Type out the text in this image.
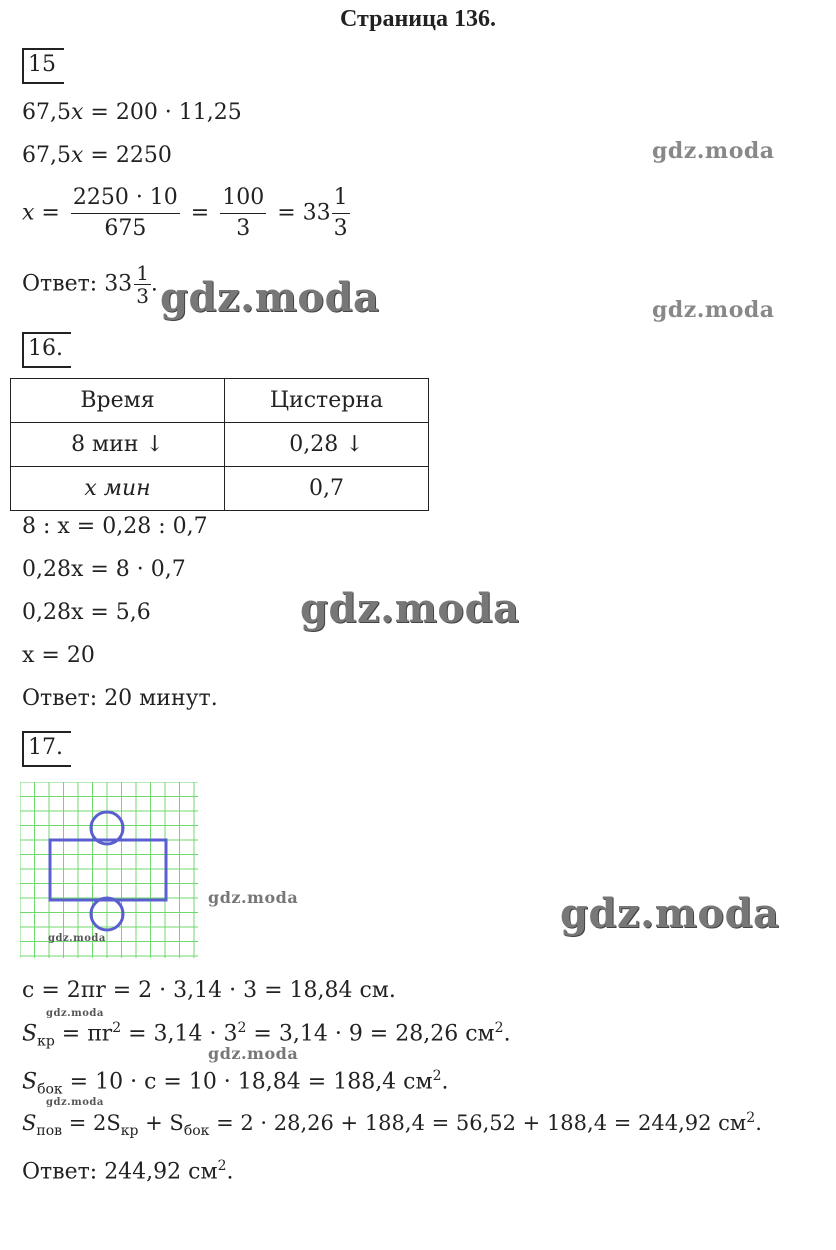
Страница 136.
15
67,5x = 200 · 11,25
67,5x = 2250
$x = \frac{2250 \cdot 10}{675} = \frac{100}{3} = 33 \frac{1}{3}$
Ответ: $33 \frac{1}{3}$ .
16.
Время	Цистерна
8 мин ↓	0,28 ↓
x мин	0,7
8 : x = 0,28 : 0,7
0,28x = 8 · 0,7
0,28x = 5,6
x = 20
Ответ: 20 минут.
17.
c = 2πr = 2 · 3,14 · 3 = 18,84 см.
$S_{кр} = \pi r^2 = 3,14 \cdot 3^2 = 3,14 \cdot 9 = 28,26$ $см^2$.
$S_{бок} = 10 \cdot c = 10 \cdot 18,84 = 188,4$ $см^2$.
$S_{пов} = 2S_{кр} + S_{бок} = 2 \cdot 28,26 + 188,4 = 56,52 + 188,4 = 244,92$ $см^2$.
Ответ: 244,92 $см^2$.
gdz.moda
gdz.moda	gdz.moda
gdz.moda
gdz.moda	gdz.moda
gdz.moda
gdz.moda
gdz.moda
gdz.moda
